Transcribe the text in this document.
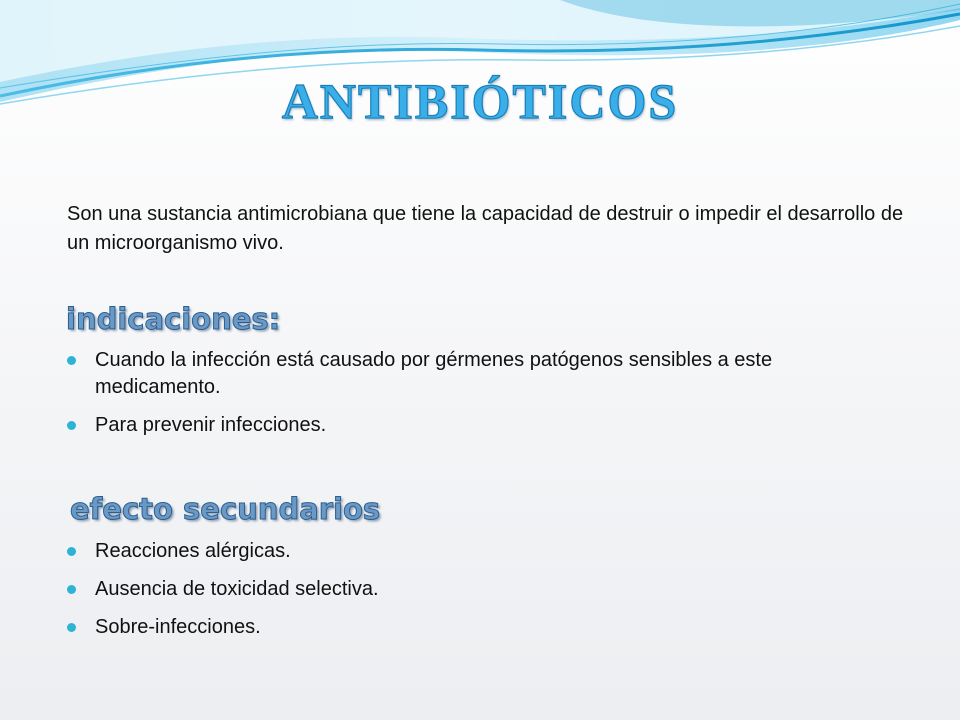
ANTIBIÓTICOS
Son una sustancia antimicrobiana que tiene la capacidad de destruir o impedir el desarrollo de un microorganismo vivo.
indicaciones:
Cuando la infección está causado por gérmenes patógenos sensibles a este medicamento.
Para prevenir infecciones.
efecto secundarios
Reacciones alérgicas.
Ausencia de toxicidad selectiva.
Sobre-infecciones.
